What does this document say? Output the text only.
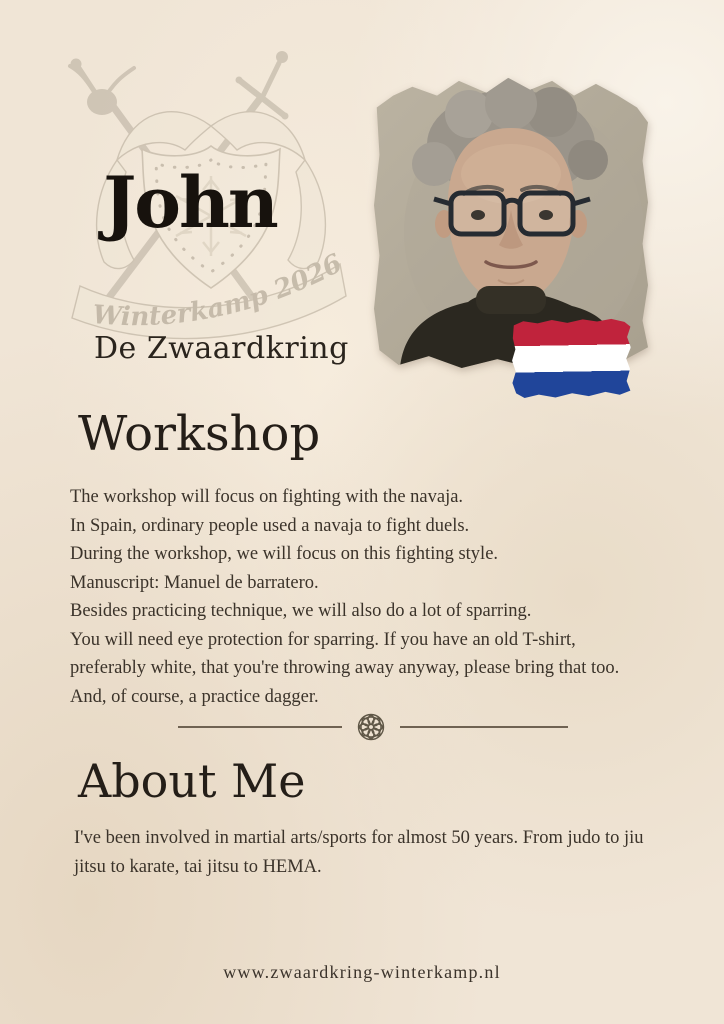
Winterkamp 2026
John
De Zwaardkring
Workshop
The workshop will focus on fighting with the navaja.
In Spain, ordinary people used a navaja to fight duels.
During the workshop, we will focus on this fighting style.
Manuscript: Manuel de barratero.
Besides practicing technique, we will also do a lot of sparring.
You will need eye protection for sparring. If you have an old T-shirt,
preferably white, that you're throwing away anyway, please bring that too.
And, of course, a practice dagger.
About Me
I've been involved in martial arts/sports for almost 50 years. From judo to jiu
jitsu to karate, tai jitsu to HEMA.
www.zwaardkring-winterkamp.nl
